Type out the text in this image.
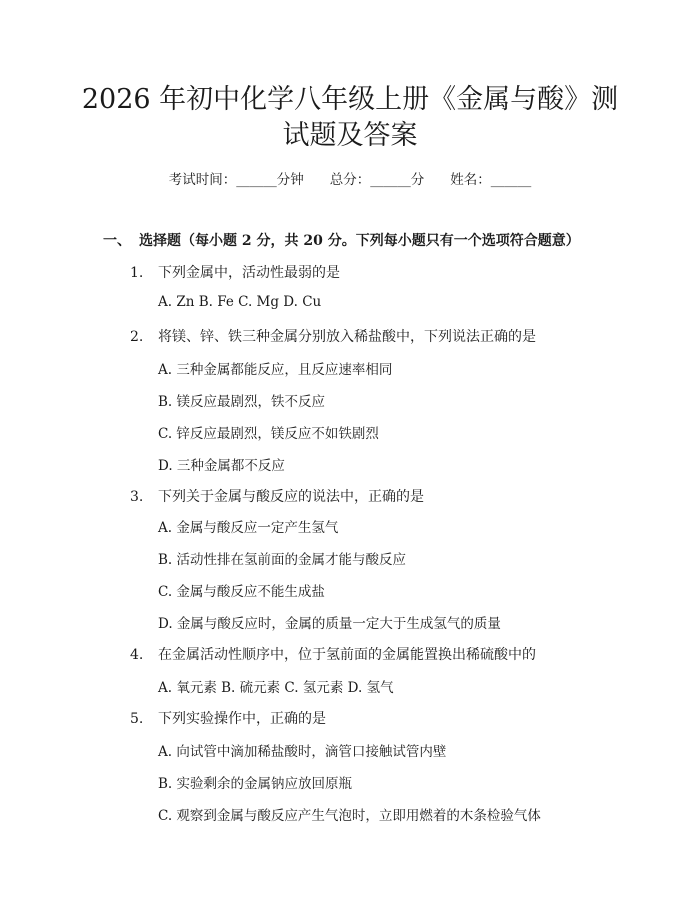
2026 年初中化学八年级上册《金属与酸》测
试题及答案
考试时间：______分钟 总分：______分 姓名：______
一、 选择题（每小题 2 分，共 20 分。下列每小题只有一个选项符合题意）
1. 下列金属中，活动性最弱的是
A. Zn B. Fe C. Mg D. Cu
2. 将镁、锌、铁三种金属分别放入稀盐酸中，下列说法正确的是
A. 三种金属都能反应，且反应速率相同
B. 镁反应最剧烈，铁不反应
C. 锌反应最剧烈，镁反应不如铁剧烈
D. 三种金属都不反应
3. 下列关于金属与酸反应的说法中，正确的是
A. 金属与酸反应一定产生氢气
B. 活动性排在氢前面的金属才能与酸反应
C. 金属与酸反应不能生成盐
D. 金属与酸反应时，金属的质量一定大于生成氢气的质量
4. 在金属活动性顺序中，位于氢前面的金属能置换出稀硫酸中的
A. 氧元素 B. 硫元素 C. 氢元素 D. 氢气
5. 下列实验操作中，正确的是
A. 向试管中滴加稀盐酸时，滴管口接触试管内壁
B. 实验剩余的金属钠应放回原瓶
C. 观察到金属与酸反应产生气泡时，立即用燃着的木条检验气体
